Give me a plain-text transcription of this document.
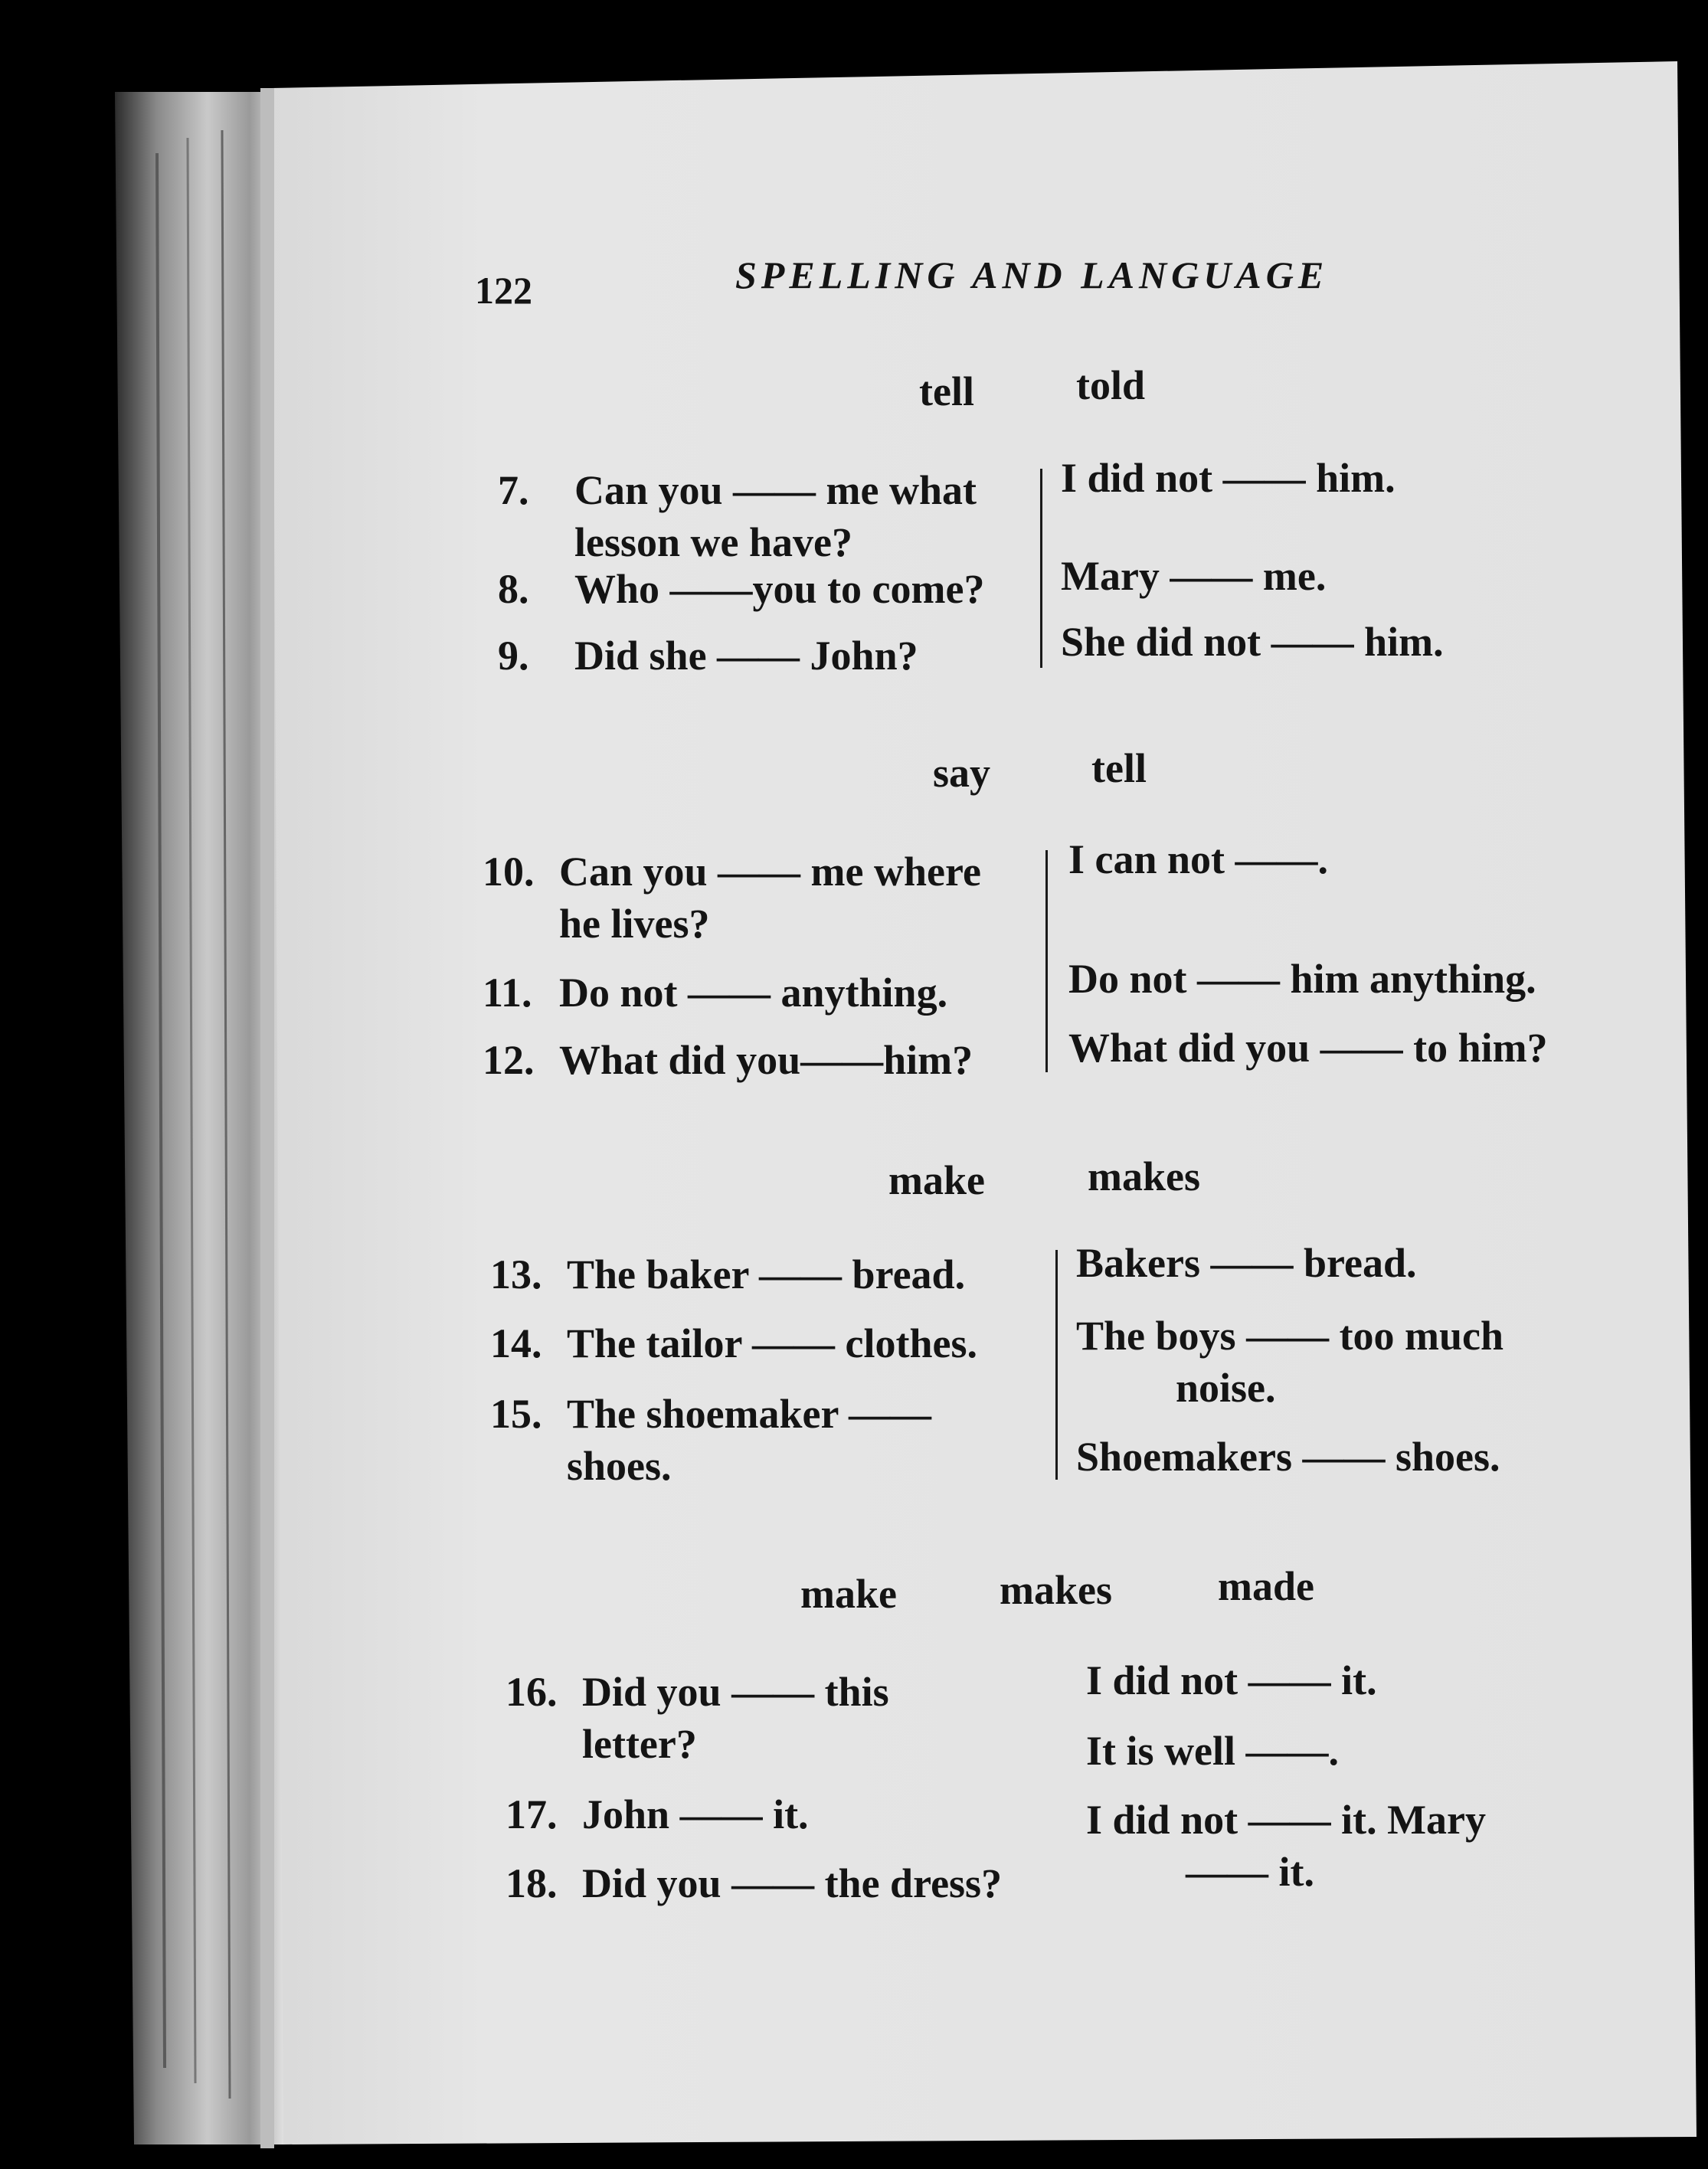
122	SPELLING AND LANGUAGE
tell told
7. Can you —— me what
lesson we have?
8. Who ——you to come?
9. Did she —— John?
I did not —— him.
Mary —— me.
She did not —— him.
say tell
10. Can you —— me where
he lives?
11. Do not —— anything.
12. What did you——him?
I can not ——.
Do not —— him anything.
What did you —— to him?
make makes
13. The baker —— bread.
14. The tailor —— clothes.
15. The shoemaker ——
shoes.
Bakers —— bread.
The boys —— too much
noise.
Shoemakers —— shoes.
make makes	made
16. Did you —— this
letter?
17. John —— it.
18. Did you —— the dress?
I did not —— it.
It is well ——.
I did not —— it. Mary
—— it.
